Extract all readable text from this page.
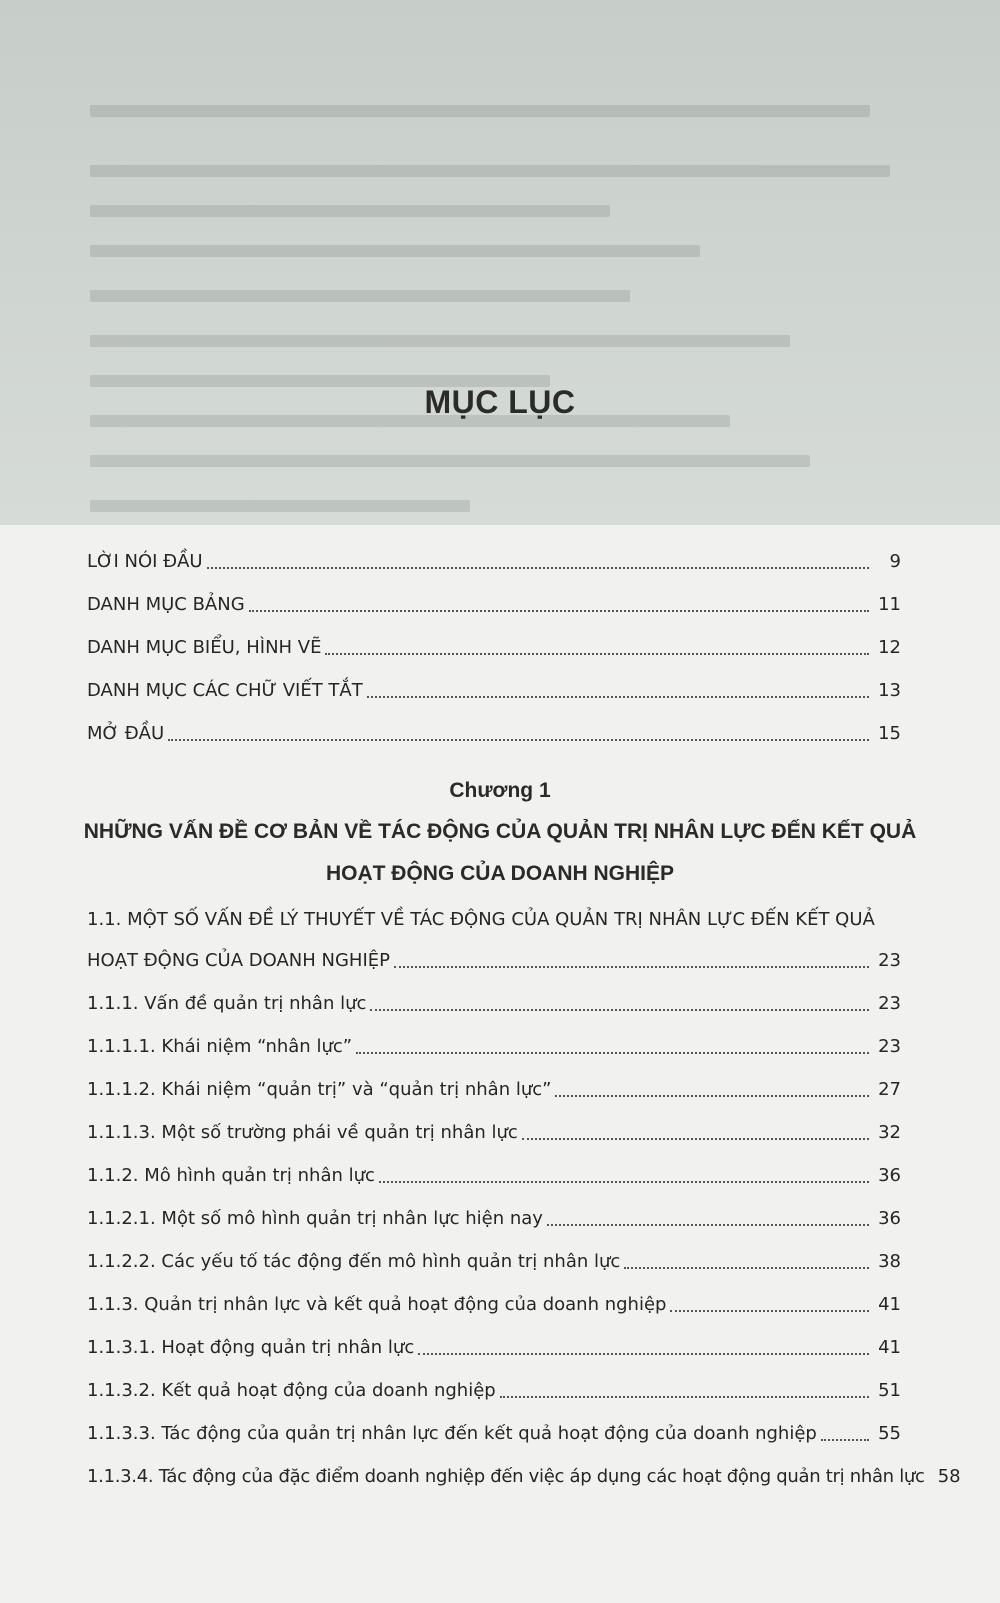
MỤC LỤC
LỜI NÓI ĐẦU	9
DANH MỤC BẢNG	11
DANH MỤC BIỂU, HÌNH VẼ	12
DANH MỤC CÁC CHỮ VIẾT TẮT	13
MỞ ĐẦU	15
1.1. MỘT SỐ VẤN ĐỀ LÝ THUYẾT VỀ TÁC ĐỘNG CỦA QUẢN TRỊ NHÂN LỰC ĐẾN KẾT QUẢ
HOẠT ĐỘNG CỦA DOANH NGHIỆP	23
1.1.1. Vấn đề quản trị nhân lực	23
1.1.1.1. Khái niệm “nhân lực”	23
1.1.1.2. Khái niệm “quản trị” và “quản trị nhân lực”	27
1.1.1.3. Một số trường phái về quản trị nhân lực	32
1.1.2. Mô hình quản trị nhân lực	36
1.1.2.1. Một số mô hình quản trị nhân lực hiện nay	36
1.1.2.2. Các yếu tố tác động đến mô hình quản trị nhân lực	38
1.1.3. Quản trị nhân lực và kết quả hoạt động của doanh nghiệp	41
1.1.3.1. Hoạt động quản trị nhân lực	41
1.1.3.2. Kết quả hoạt động của doanh nghiệp	51
1.1.3.3. Tác động của quản trị nhân lực đến kết quả hoạt động của doanh nghiệp	55
1.1.3.4. Tác động của đặc điểm doanh nghiệp đến việc áp dụng các hoạt động quản trị nhân lực 58
Chương 1
NHỮNG VẤN ĐỀ CƠ BẢN VỀ TÁC ĐỘNG CỦA QUẢN TRỊ NHÂN LỰC ĐẾN KẾT QUẢ
HOẠT ĐỘNG CỦA DOANH NGHIỆP
